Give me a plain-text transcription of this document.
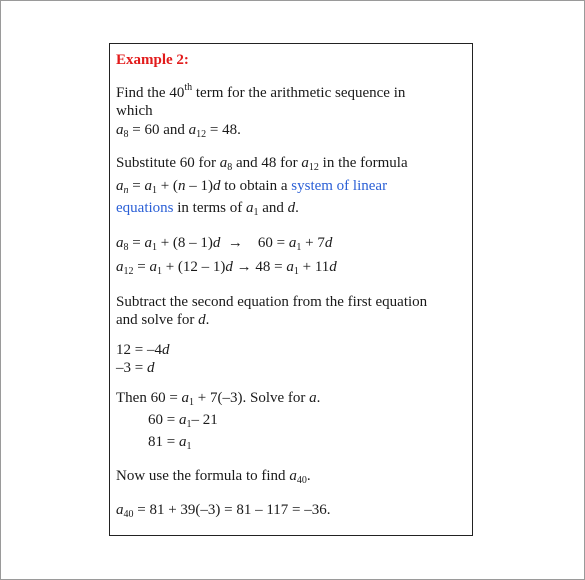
Example 2:
Find the 40th term for the arithmetic sequence in
which
$a_8 = 60$ and $a_{12} = 48$.
Substitute 60 for $a_8$ and 48 for $a_{12}$ in the formula
$a_n = a_1 + (n - 1)d$ to obtain a system of linear
equations in terms of $a_1$ and d.
$a_8 = a_1 + (8 - 1)d$  →    $60 = a_1 + 7d$
$a_{12} = a_1 + (12 - 1)d \to 48 = a_1 + 11d$
Subtract the second equation from the first equation
and solve for d.
12 = –4d
–3 = d
Then $60 = a_1 + 7(-3)$. Solve for a.
$60 = a_1-$ 21
$81 = a_1$
Now use the formula to find $a_{40}$.
$a_{40} = 81 + 39(-3) = 81 - 117 = -36$.
